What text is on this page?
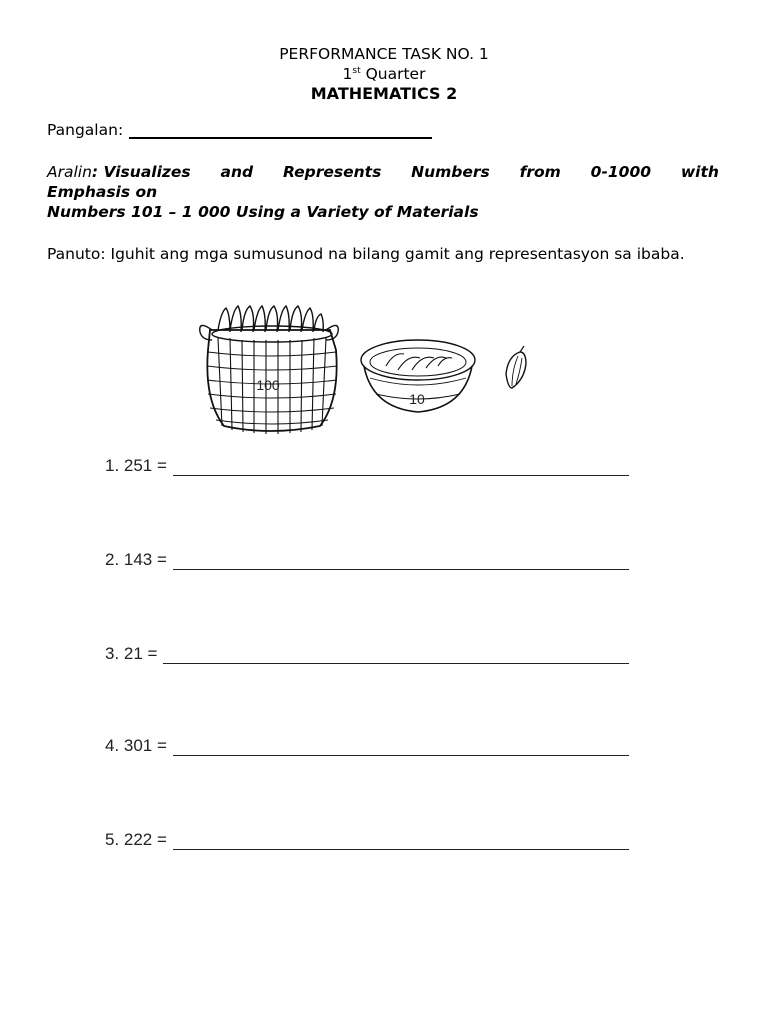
PERFORMANCE TASK NO. 1
1st Quarter
MATHEMATICS 2
Pangalan:
Aralin: Visualizes and Represents Numbers from 0-1000 with
Emphasis on
Numbers 101 – 1 000 Using a Variety of Materials
Panuto: Iguhit ang mga sumusunod na bilang gamit ang representasyon sa ibaba.
100
10
1. 251 =
2. 143 =
3. 21 =
4. 301 =
5. 222 =
